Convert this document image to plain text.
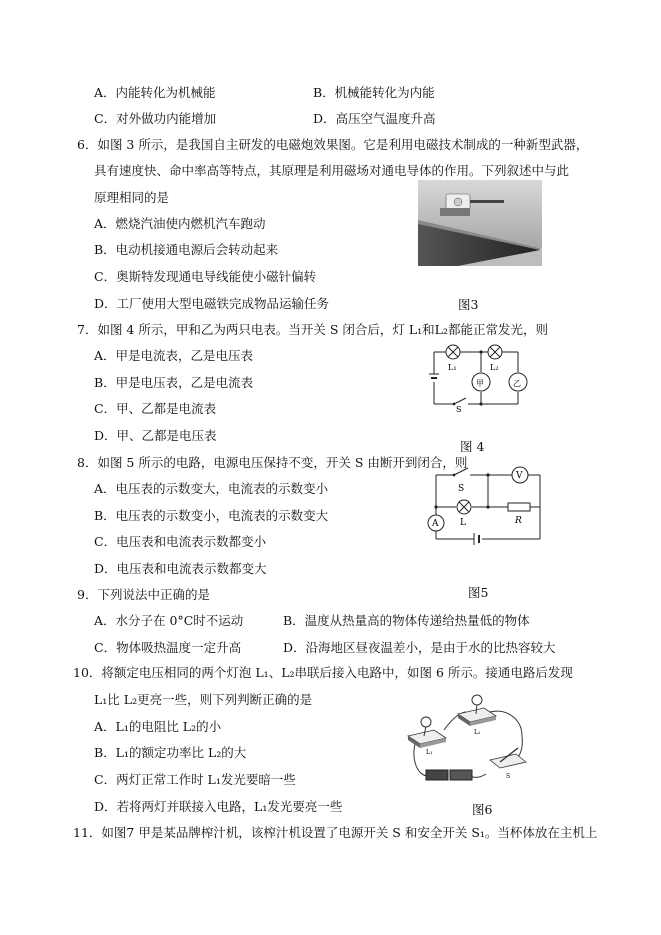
A．内能转化为机械能	B．机械能转化为内能
C．对外做功内能增加	D．高压空气温度升高
6．如图 3 所示，是我国自主研发的电磁炮效果图。它是利用电磁技术制成的一种新型武器，
具有速度快、命中率高等特点，其原理是利用磁场对通电导体的作用。下列叙述中与此
原理相同的是
A．燃烧汽油使内燃机汽车跑动
B．电动机接通电源后会转动起来
C．奥斯特发现通电导线能使小磁针偏转
D．工厂使用大型电磁铁完成物品运输任务	图3
7．如图 4 所示，甲和乙为两只电表。当开关 S 闭合后，灯 L₁和L₂都能正常发光，则
A．甲是电流表，乙是电压表
B．甲是电压表，乙是电流表
C．甲、乙都是电流表
D．甲、乙都是电压表
L₁	L₂
甲	乙
S
图 4
8．如图 5 所示的电路，电源电压保持不变，开关 S 由断开到闭合，则
A．电压表的示数变大，电流表的示数变小
B．电压表的示数变小，电流表的示数变大
C．电压表和电流表示数都变小
D．电压表和电流表示数都变大
S
L	R
V
A
图5
9．下列说法中正确的是
A．水分子在 0°C时不运动	B．温度从热量高的物体传递给热量低的物体
C．物体吸热温度一定升高	D．沿海地区昼夜温差小，是由于水的比热容较大
10．将额定电压相同的两个灯泡 L₁、L₂串联后接入电路中，如图 6 所示。接通电路后发现
L₁比 L₂更亮一些，则下列判断正确的是
A．L₁的电阻比 L₂的小
B．L₁的额定功率比 L₂的大
C．两灯正常工作时 L₁发光要暗一些
D．若将两灯并联接入电路，L₁发光要亮一些
L₁
L₂
S
图6
11．如图7 甲是某品牌榨汁机，该榨汁机设置了电源开关 S 和安全开关 S₁。当杯体放在主机上
